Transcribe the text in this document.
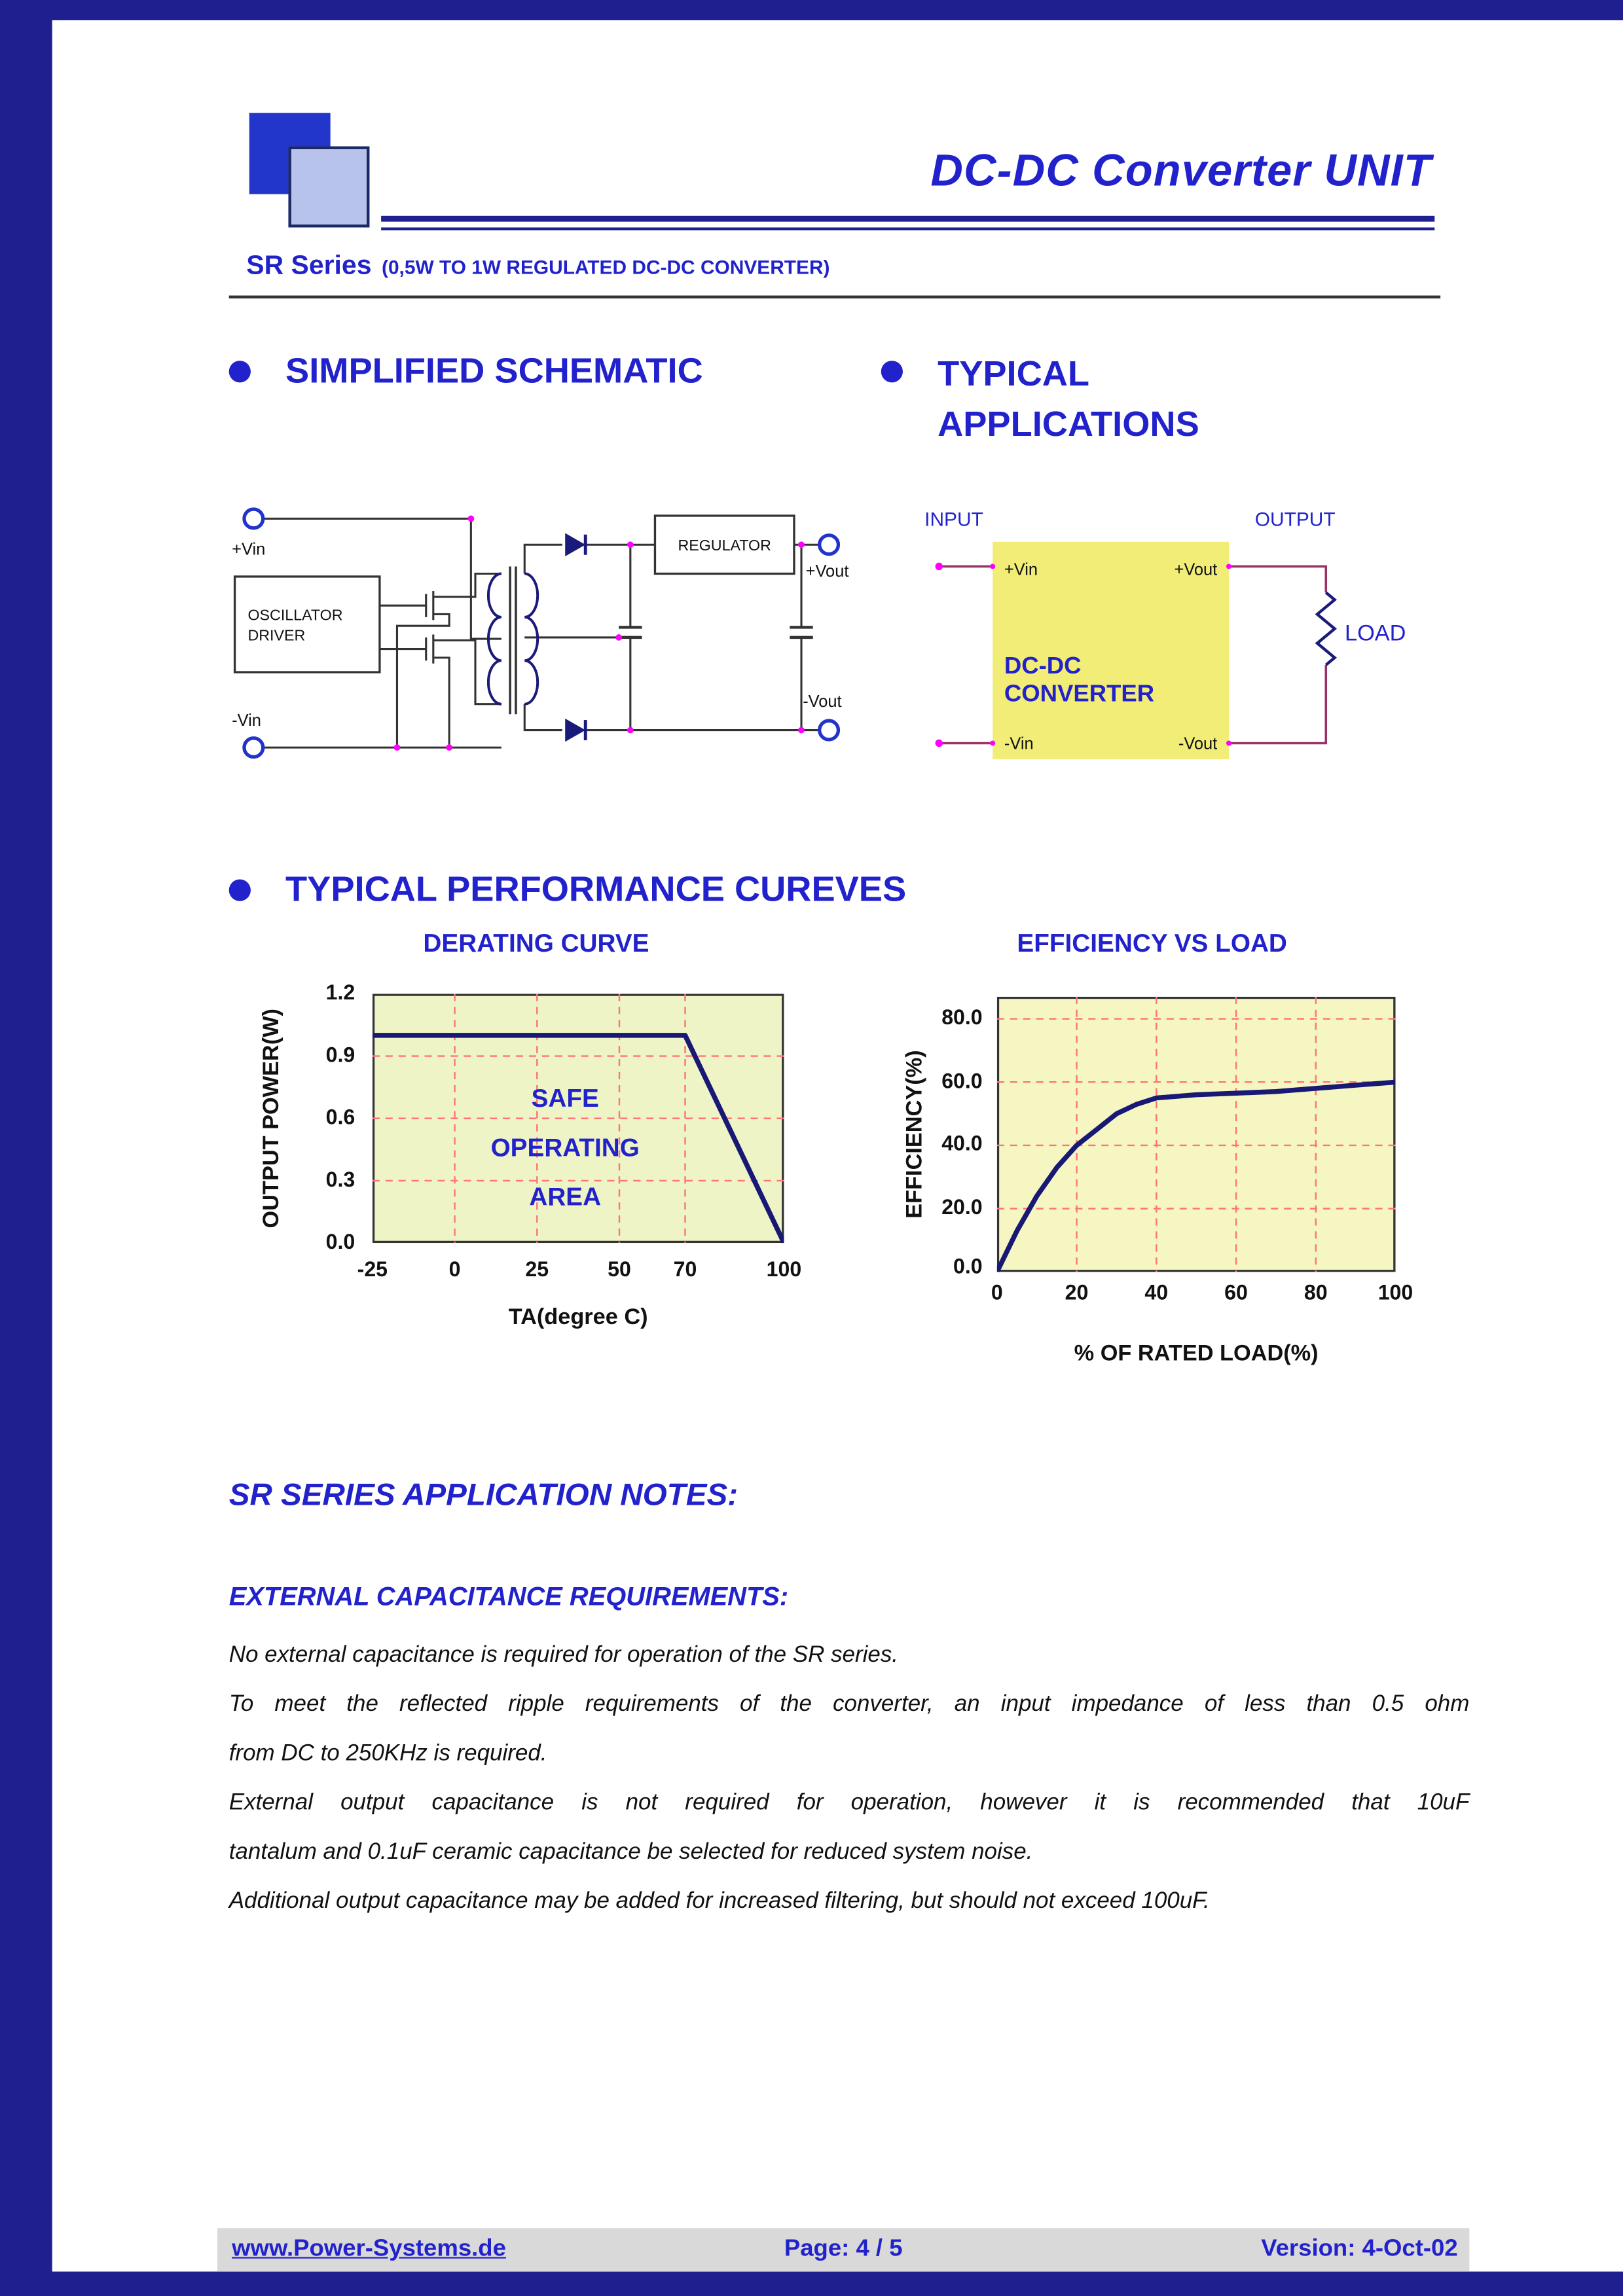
DC-DC Converter UNIT
SR Series (0,5W TO 1W REGULATED DC-DC CONVERTER)
SIMPLIFIED SCHEMATIC	TYPICAL
APPLICATIONS
OSCILLATOR
DRIVER
REGULATOR
+Vin
-Vin
+Vout
-Vout
INPUT	OUTPUT
+Vin	+Vout
DC-DC
CONVERTER
-Vin	-Vout
LOAD
TYPICAL PERFORMANCE CUREVES
DERATING CURVE
OUTPUT POWER(W)
1.2
0.9
0.6
0.3
0.0
SAFE
OPERATING
AREA
-25	0	25	50	70	100
TA(degree C)
EFFICIENCY VS LOAD
EFFICIENCY(%)
80.0
60.0
40.0
20.0
0.0
0	20	40	60	80	100
% OF RATED LOAD(%)
SR SERIES APPLICATION NOTES:
EXTERNAL CAPACITANCE REQUIREMENTS:
No external capacitance is required for operation of the SR series.
To meet the reflected ripple requirements of the converter, an input impedance of less than 0.5 ohm
from DC to 250KHz is required.
External output capacitance is not required for operation, however it is recommended that 10uF
tantalum and 0.1uF ceramic capacitance be selected for reduced system noise.
Additional output capacitance may be added for increased filtering, but should not exceed 100uF.
www.Power-Systems.de	Page: 4 / 5	Version: 4-Oct-02
